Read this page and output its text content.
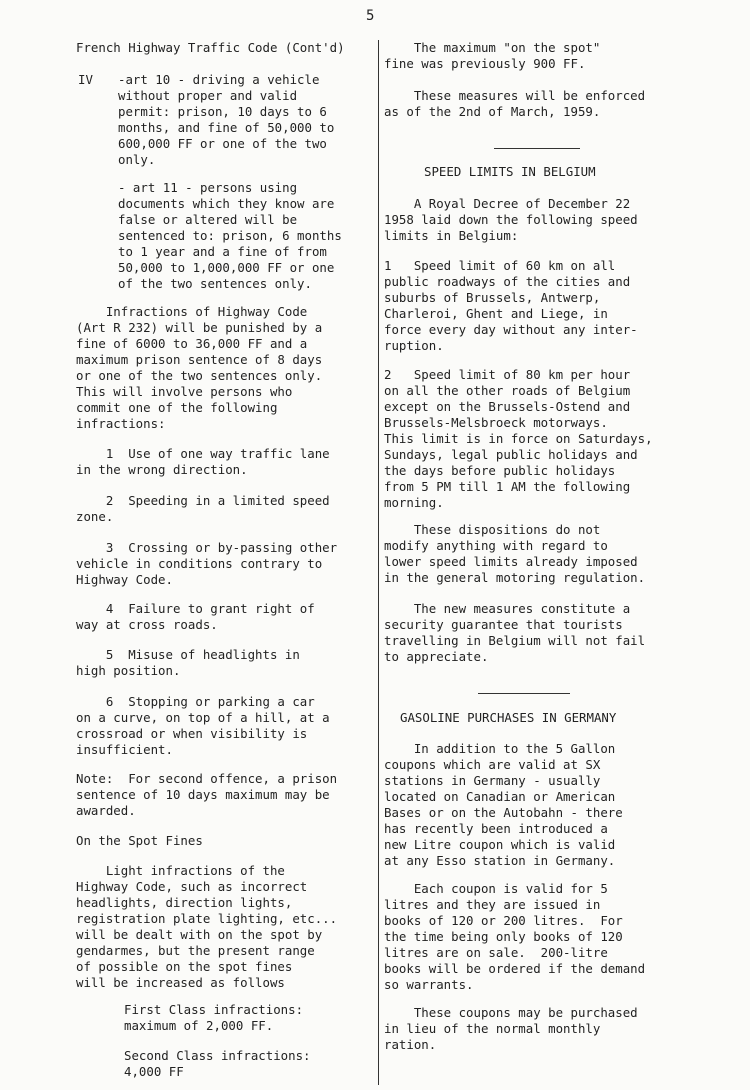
5

French Highway Traffic Code (Cont'd)

IV -art 10 - driving a vehicle

without proper and valid

permit: prison, 10 days to 6

months, and fine of 50,000 to

600,000 FF or one of the two

only.

- art 11 - persons using

documents which they know are

false or altered will be

sentenced to: prison, 6 months

to 1 year and a fine of from

50,000 to 1,000,000 FF or one

of the two sentences only.

Infractions of Highway Code

(Art R 232) will be punished by a

fine of 6000 to 36,000 FF and a

maximum prison sentence of 8 days

or one of the two sentences only.

This will involve persons who

commit one of the following

infractions:

1  Use of one way traffic lane

in the wrong direction.

2  Speeding in a limited speed

zone.

3  Crossing or by-passing other

vehicle in conditions contrary to

Highway Code.

4  Failure to grant right of

way at cross roads.

5  Misuse of headlights in

high position.

6  Stopping or parking a car

on a curve, on top of a hill, at a

crossroad or when visibility is

insufficient.

Note:  For second offence, a prison

sentence of 10 days maximum may be

awarded.

On the Spot Fines

Light infractions of the

Highway Code, such as incorrect

headlights, direction lights,

registration plate lighting, etc...

will be dealt with on the spot by

gendarmes, but the present range

of possible on the spot fines

will be increased as follows

First Class infractions:

maximum of 2,000 FF.

Second Class infractions:

4,000 FF

The maximum "on the spot"

fine was previously 900 FF.

These measures will be enforced

as of the 2nd of March, 1959.

SPEED LIMITS IN BELGIUM

A Royal Decree of December 22

1958 laid down the following speed

limits in Belgium:

1   Speed limit of 60 km on all

public roadways of the cities and

suburbs of Brussels, Antwerp,

Charleroi, Ghent and Liege, in

force every day without any inter-

ruption.

2   Speed limit of 80 km per hour

on all the other roads of Belgium

except on the Brussels-Ostend and

Brussels-Melsbroeck motorways.

This limit is in force on Saturdays,

Sundays, legal public holidays and

the days before public holidays

from 5 PM till 1 AM the following

morning.

These dispositions do not

modify anything with regard to

lower speed limits already imposed

in the general motoring regulation.

The new measures constitute a

security guarantee that tourists

travelling in Belgium will not fail

to appreciate.

GASOLINE PURCHASES IN GERMANY

In addition to the 5 Gallon

coupons which are valid at SX

stations in Germany - usually

located on Canadian or American

Bases or on the Autobahn - there

has recently been introduced a

new Litre coupon which is valid

at any Esso station in Germany.

Each coupon is valid for 5

litres and they are issued in

books of 120 or 200 litres.  For

the time being only books of 120

litres are on sale.  200-litre

books will be ordered if the demand

so warrants.

These coupons may be purchased

in lieu of the normal monthly

ration.
